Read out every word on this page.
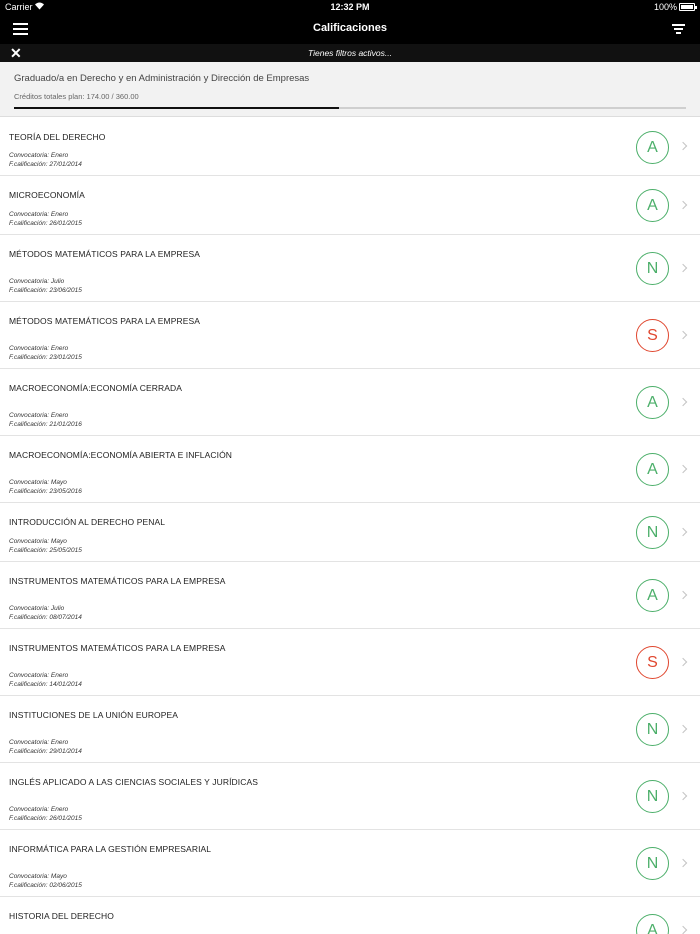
Carrier	12:32 PM	100%
Calificaciones
✕	Tienes filtros activos...
Graduado/a en Derecho y en Administración y Dirección de Empresas
Créditos totales plan: 174.00 / 360.00
TEORÍA DEL DERECHO
Convocatoria: Enero
F.calificación: 27/01/2014
A
MICROECONOMÍA
Convocatoria: Enero
F.calificación: 26/01/2015
A
MÉTODOS MATEMÁTICOS PARA LA EMPRESA
Convocatoria: Julio
F.calificación: 23/06/2015
N
MÉTODOS MATEMÁTICOS PARA LA EMPRESA
Convocatoria: Enero
F.calificación: 23/01/2015
S
MACROECONOMÍA:ECONOMÍA CERRADA
Convocatoria: Enero
F.calificación: 21/01/2016
A
MACROECONOMÍA:ECONOMÍA ABIERTA E INFLACIÓN
Convocatoria: Mayo
F.calificación: 23/05/2016
A
INTRODUCCIÓN AL DERECHO PENAL
Convocatoria: Mayo
F.calificación: 25/05/2015
N
INSTRUMENTOS MATEMÁTICOS PARA LA EMPRESA
Convocatoria: Julio
F.calificación: 08/07/2014
A
INSTRUMENTOS MATEMÁTICOS PARA LA EMPRESA
Convocatoria: Enero
F.calificación: 14/01/2014
S
INSTITUCIONES DE LA UNIÓN EUROPEA
Convocatoria: Enero
F.calificación: 29/01/2014
N
INGLÉS APLICADO A LAS CIENCIAS SOCIALES Y JURÍDICAS
Convocatoria: Enero
F.calificación: 26/01/2015
N
INFORMÁTICA PARA LA GESTIÓN EMPRESARIAL
Convocatoria: Mayo
F.calificación: 02/06/2015
N
HISTORIA DEL DERECHO
A
